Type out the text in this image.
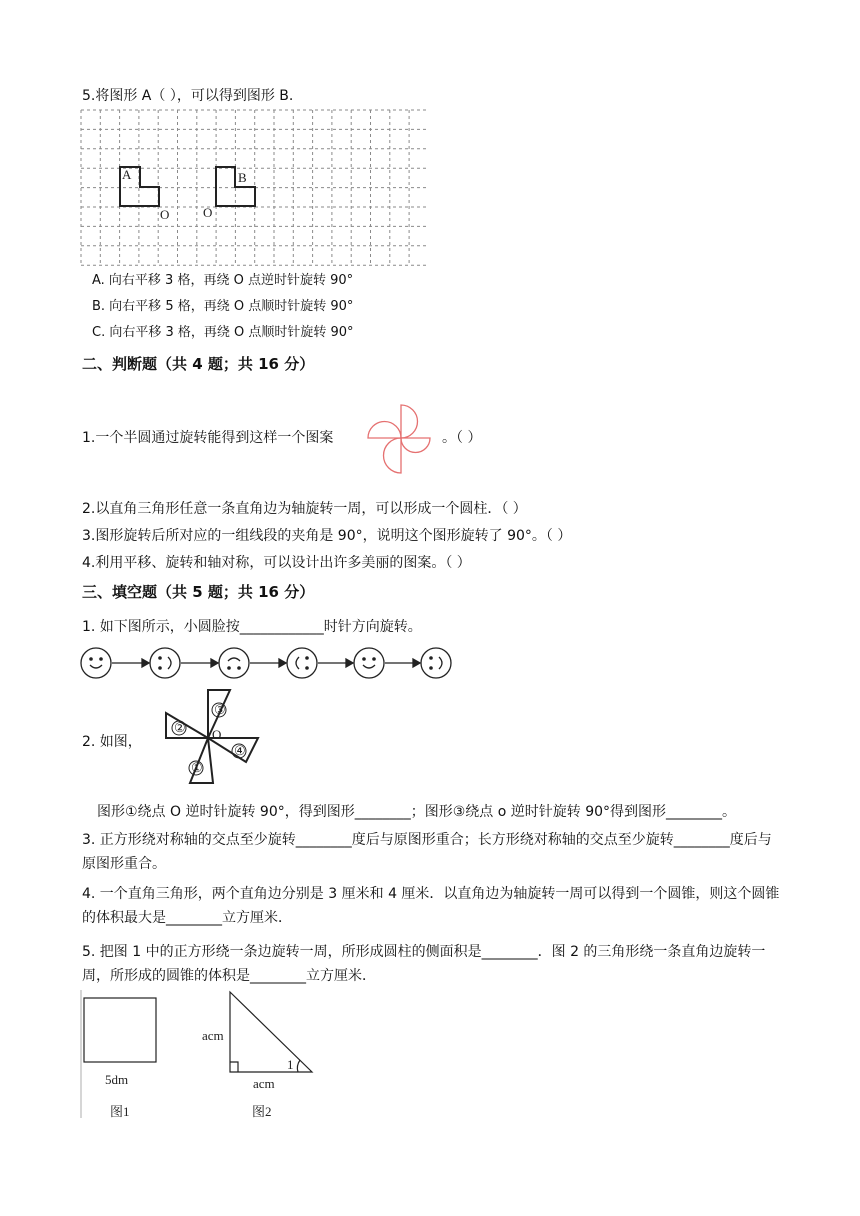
5.将图形 A（ ），可以得到图形 B.
A	B
O	O
A. 向右平移 3 格，再绕 O 点逆时针旋转 90°
B. 向右平移 5 格，再绕 O 点顺时针旋转 90°
C. 向右平移 3 格，再绕 O 点顺时针旋转 90°
二、判断题（共 4 题；共 16 分）
1.一个半圆通过旋转能得到这样一个图案	。（ ）
2.以直角三角形任意一条直角边为轴旋转一周，可以形成一个圆柱．（ ）
3.图形旋转后所对应的一组线段的夹角是 90°，说明这个图形旋转了 90°。（ ）
4.利用平移、旋转和轴对称，可以设计出许多美丽的图案。（ ）
三、填空题（共 5 题；共 16 分）
1. 如下图所示，小圆脸按____________时针方向旋转。
2. 如图，
③
②
①
④
O
图形①绕点 O 逆时针旋转 90°，得到图形________；图形③绕点 o 逆时针旋转 90°得到图形________。
3. 正方形绕对称轴的交点至少旋转________度后与原图形重合；长方形绕对称轴的交点至少旋转________度后与原图形重合。
4. 一个直角三角形，两个直角边分别是 3 厘米和 4 厘米．以直角边为轴旋转一周可以得到一个圆锥，则这个圆锥的体积最大是________立方厘米．
5. 把图 1 中的正方形绕一条边旋转一周，所形成圆柱的侧面积是________．图 2 的三角形绕一条直角边旋转一周，所形成的圆锥的体积是________立方厘米．
5dm
图1
acm
acm
1
图2
